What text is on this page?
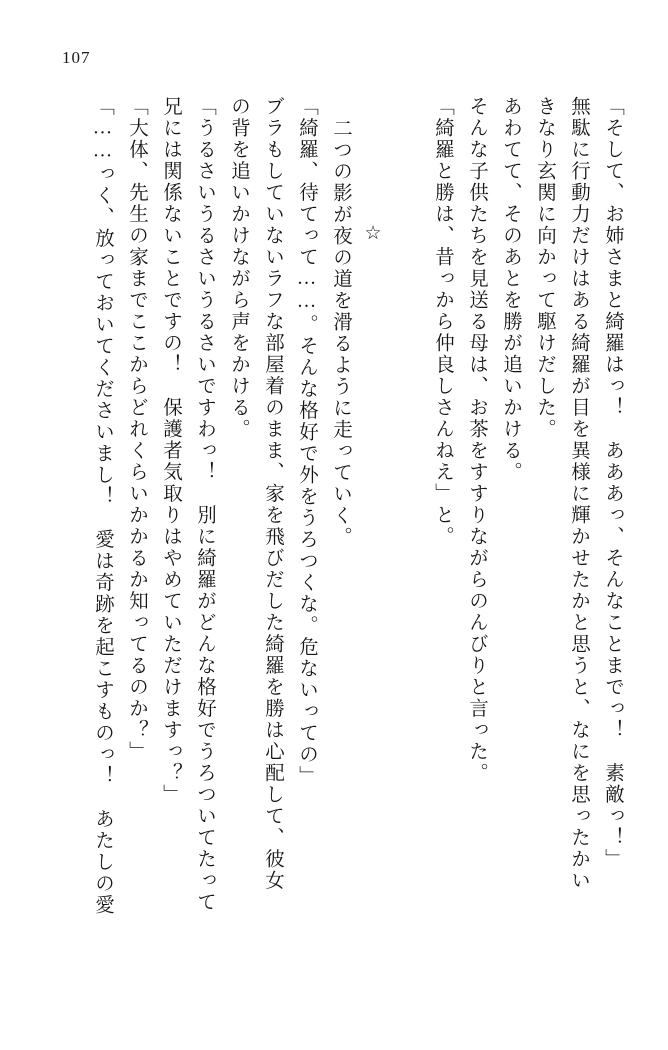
107
「そして、お姉さまと綺羅はっ！　あああっ、そんなことまでっ！　素敵っ！」
無駄に行動力だけはある綺羅が目を異様に輝かせたかと思うと、なにを思ったかい
きなり玄関に向かって駆けだした。
あわてて、そのあとを勝が追いかける。
そんな子供たちを見送る母は、お茶をすすりながらのんびりと言った。
「綺羅と勝は、昔っから仲良しさんねえ」と。
☆
二つの影が夜の道を滑るように走っていく。
「綺羅、待てって……。そんな格好で外をうろつくな。危ないっての」
ブラもしていないラフな部屋着のまま、家を飛びだした綺羅を勝は心配して、彼女
の背を追いかけながら声をかける。
「うるさいうるさいうるさいですわっ！　別に綺羅がどんな格好でうろついてたって
兄には関係ないことですの！　保護者気取りはやめていただけますっ？」
「大体、先生の家までここからどれくらいかかるか知ってるのか？」
「……っく、放っておいてくださいまし！　愛は奇跡を起こすものっ！　あたしの愛
